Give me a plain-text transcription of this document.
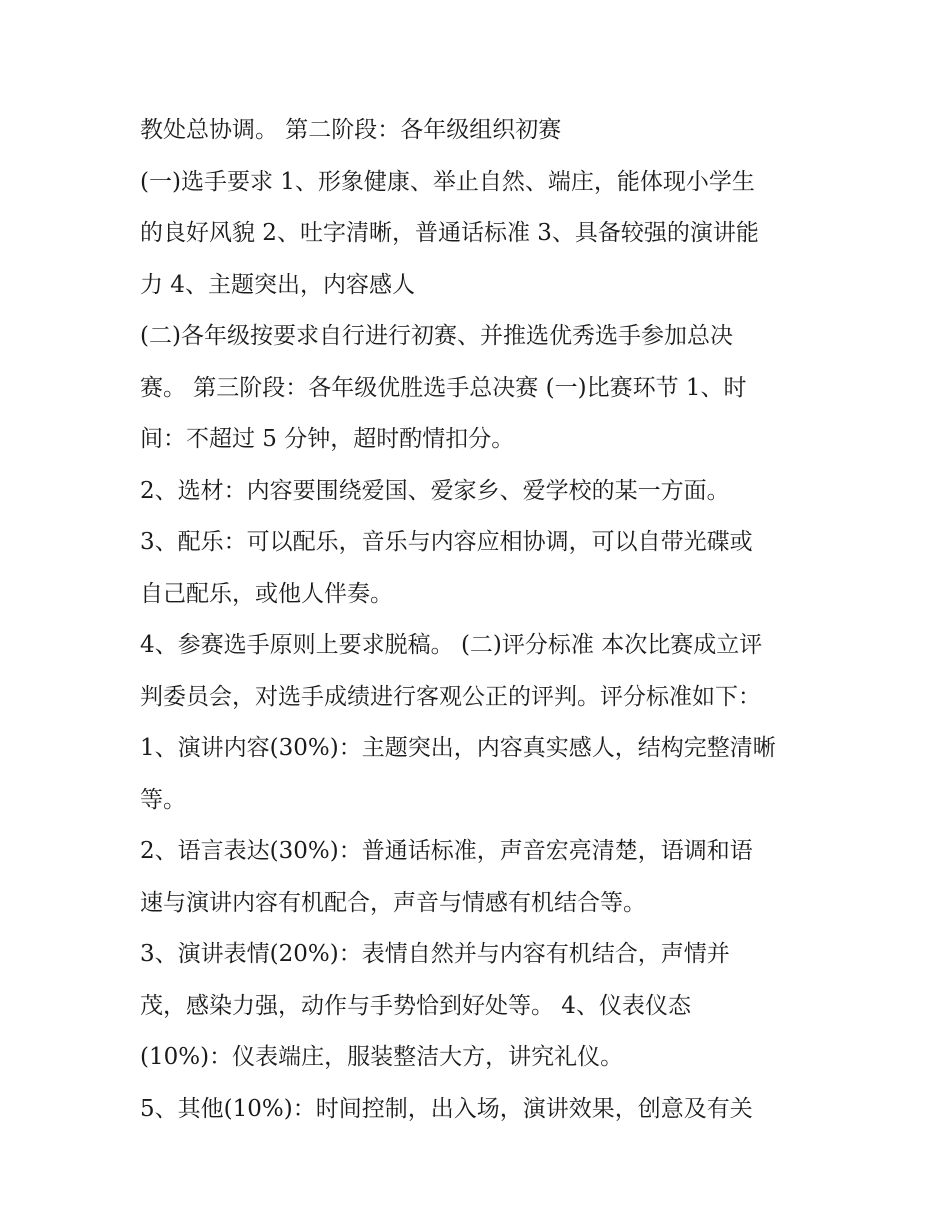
教处总协调。 第二阶段：各年级组织初赛
(一)选手要求 1、形象健康、举止自然、端庄，能体现小学生
的良好风貌 2、吐字清晰，普通话标准 3、具备较强的演讲能
力 4、主题突出，内容感人
(二)各年级按要求自行进行初赛、并推选优秀选手参加总决
赛。 第三阶段：各年级优胜选手总决赛 (一)比赛环节 1、时
间：不超过 5 分钟，超时酌情扣分。
2、选材：内容要围绕爱国、爱家乡、爱学校的某一方面。
3、配乐：可以配乐，音乐与内容应相协调，可以自带光碟或
自己配乐，或他人伴奏。
4、参赛选手原则上要求脱稿。 (二)评分标准 本次比赛成立评
判委员会，对选手成绩进行客观公正的评判。评分标准如下：
1、演讲内容(30%)：主题突出，内容真实感人，结构完整清晰
等。
2、语言表达(30%)：普通话标准，声音宏亮清楚，语调和语
速与演讲内容有机配合，声音与情感有机结合等。
3、演讲表情(20%)：表情自然并与内容有机结合，声情并
茂，感染力强，动作与手势恰到好处等。 4、仪表仪态
(10%)：仪表端庄，服装整洁大方，讲究礼仪。
5、其他(10%)：时间控制，出入场，演讲效果，创意及有关
